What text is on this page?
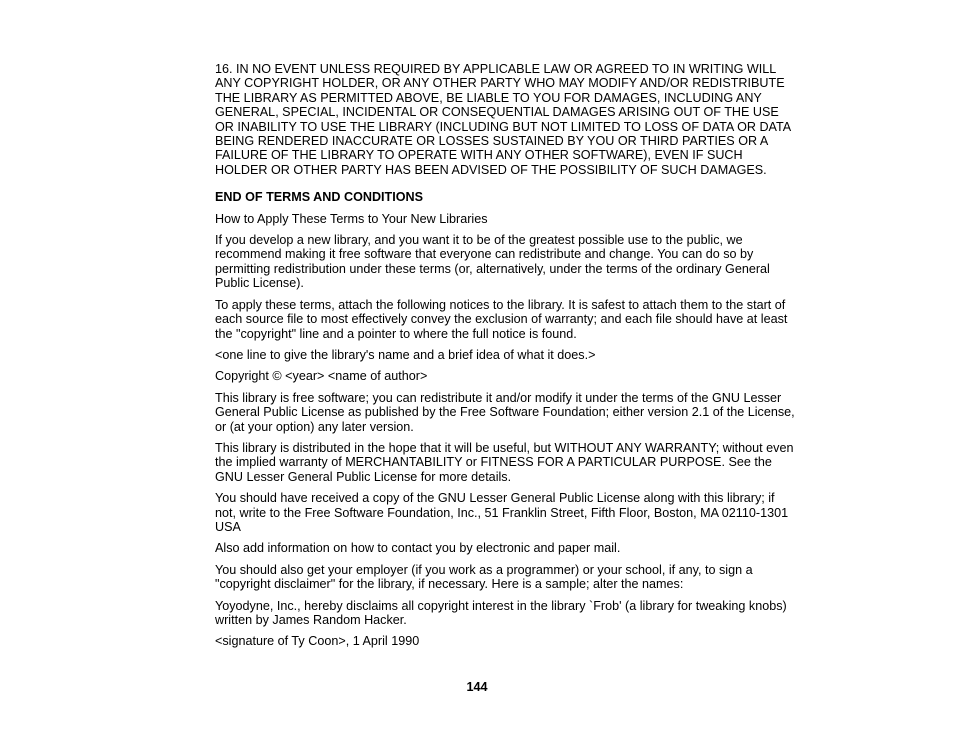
16. IN NO EVENT UNLESS REQUIRED BY APPLICABLE LAW OR AGREED TO IN WRITING WILL
ANY COPYRIGHT HOLDER, OR ANY OTHER PARTY WHO MAY MODIFY AND/OR REDISTRIBUTE
THE LIBRARY AS PERMITTED ABOVE, BE LIABLE TO YOU FOR DAMAGES, INCLUDING ANY
GENERAL, SPECIAL, INCIDENTAL OR CONSEQUENTIAL DAMAGES ARISING OUT OF THE USE
OR INABILITY TO USE THE LIBRARY (INCLUDING BUT NOT LIMITED TO LOSS OF DATA OR DATA
BEING RENDERED INACCURATE OR LOSSES SUSTAINED BY YOU OR THIRD PARTIES OR A
FAILURE OF THE LIBRARY TO OPERATE WITH ANY OTHER SOFTWARE), EVEN IF SUCH
HOLDER OR OTHER PARTY HAS BEEN ADVISED OF THE POSSIBILITY OF SUCH DAMAGES.

END OF TERMS AND CONDITIONS

How to Apply These Terms to Your New Libraries

If you develop a new library, and you want it to be of the greatest possible use to the public, we
recommend making it free software that everyone can redistribute and change. You can do so by
permitting redistribution under these terms (or, alternatively, under the terms of the ordinary General
Public License).

To apply these terms, attach the following notices to the library. It is safest to attach them to the start of
each source file to most effectively convey the exclusion of warranty; and each file should have at least
the "copyright" line and a pointer to where the full notice is found.

<one line to give the library's name and a brief idea of what it does.>

Copyright © <year> <name of author>

This library is free software; you can redistribute it and/or modify it under the terms of the GNU Lesser
General Public License as published by the Free Software Foundation; either version 2.1 of the License,
or (at your option) any later version.

This library is distributed in the hope that it will be useful, but WITHOUT ANY WARRANTY; without even
the implied warranty of MERCHANTABILITY or FITNESS FOR A PARTICULAR PURPOSE. See the
GNU Lesser General Public License for more details.

You should have received a copy of the GNU Lesser General Public License along with this library; if
not, write to the Free Software Foundation, Inc., 51 Franklin Street, Fifth Floor, Boston, MA 02110-1301
USA

Also add information on how to contact you by electronic and paper mail.

You should also get your employer (if you work as a programmer) or your school, if any, to sign a
"copyright disclaimer" for the library, if necessary. Here is a sample; alter the names:

Yoyodyne, Inc., hereby disclaims all copyright interest in the library `Frob' (a library for tweaking knobs)
written by James Random Hacker.

<signature of Ty Coon>, 1 April 1990

144
